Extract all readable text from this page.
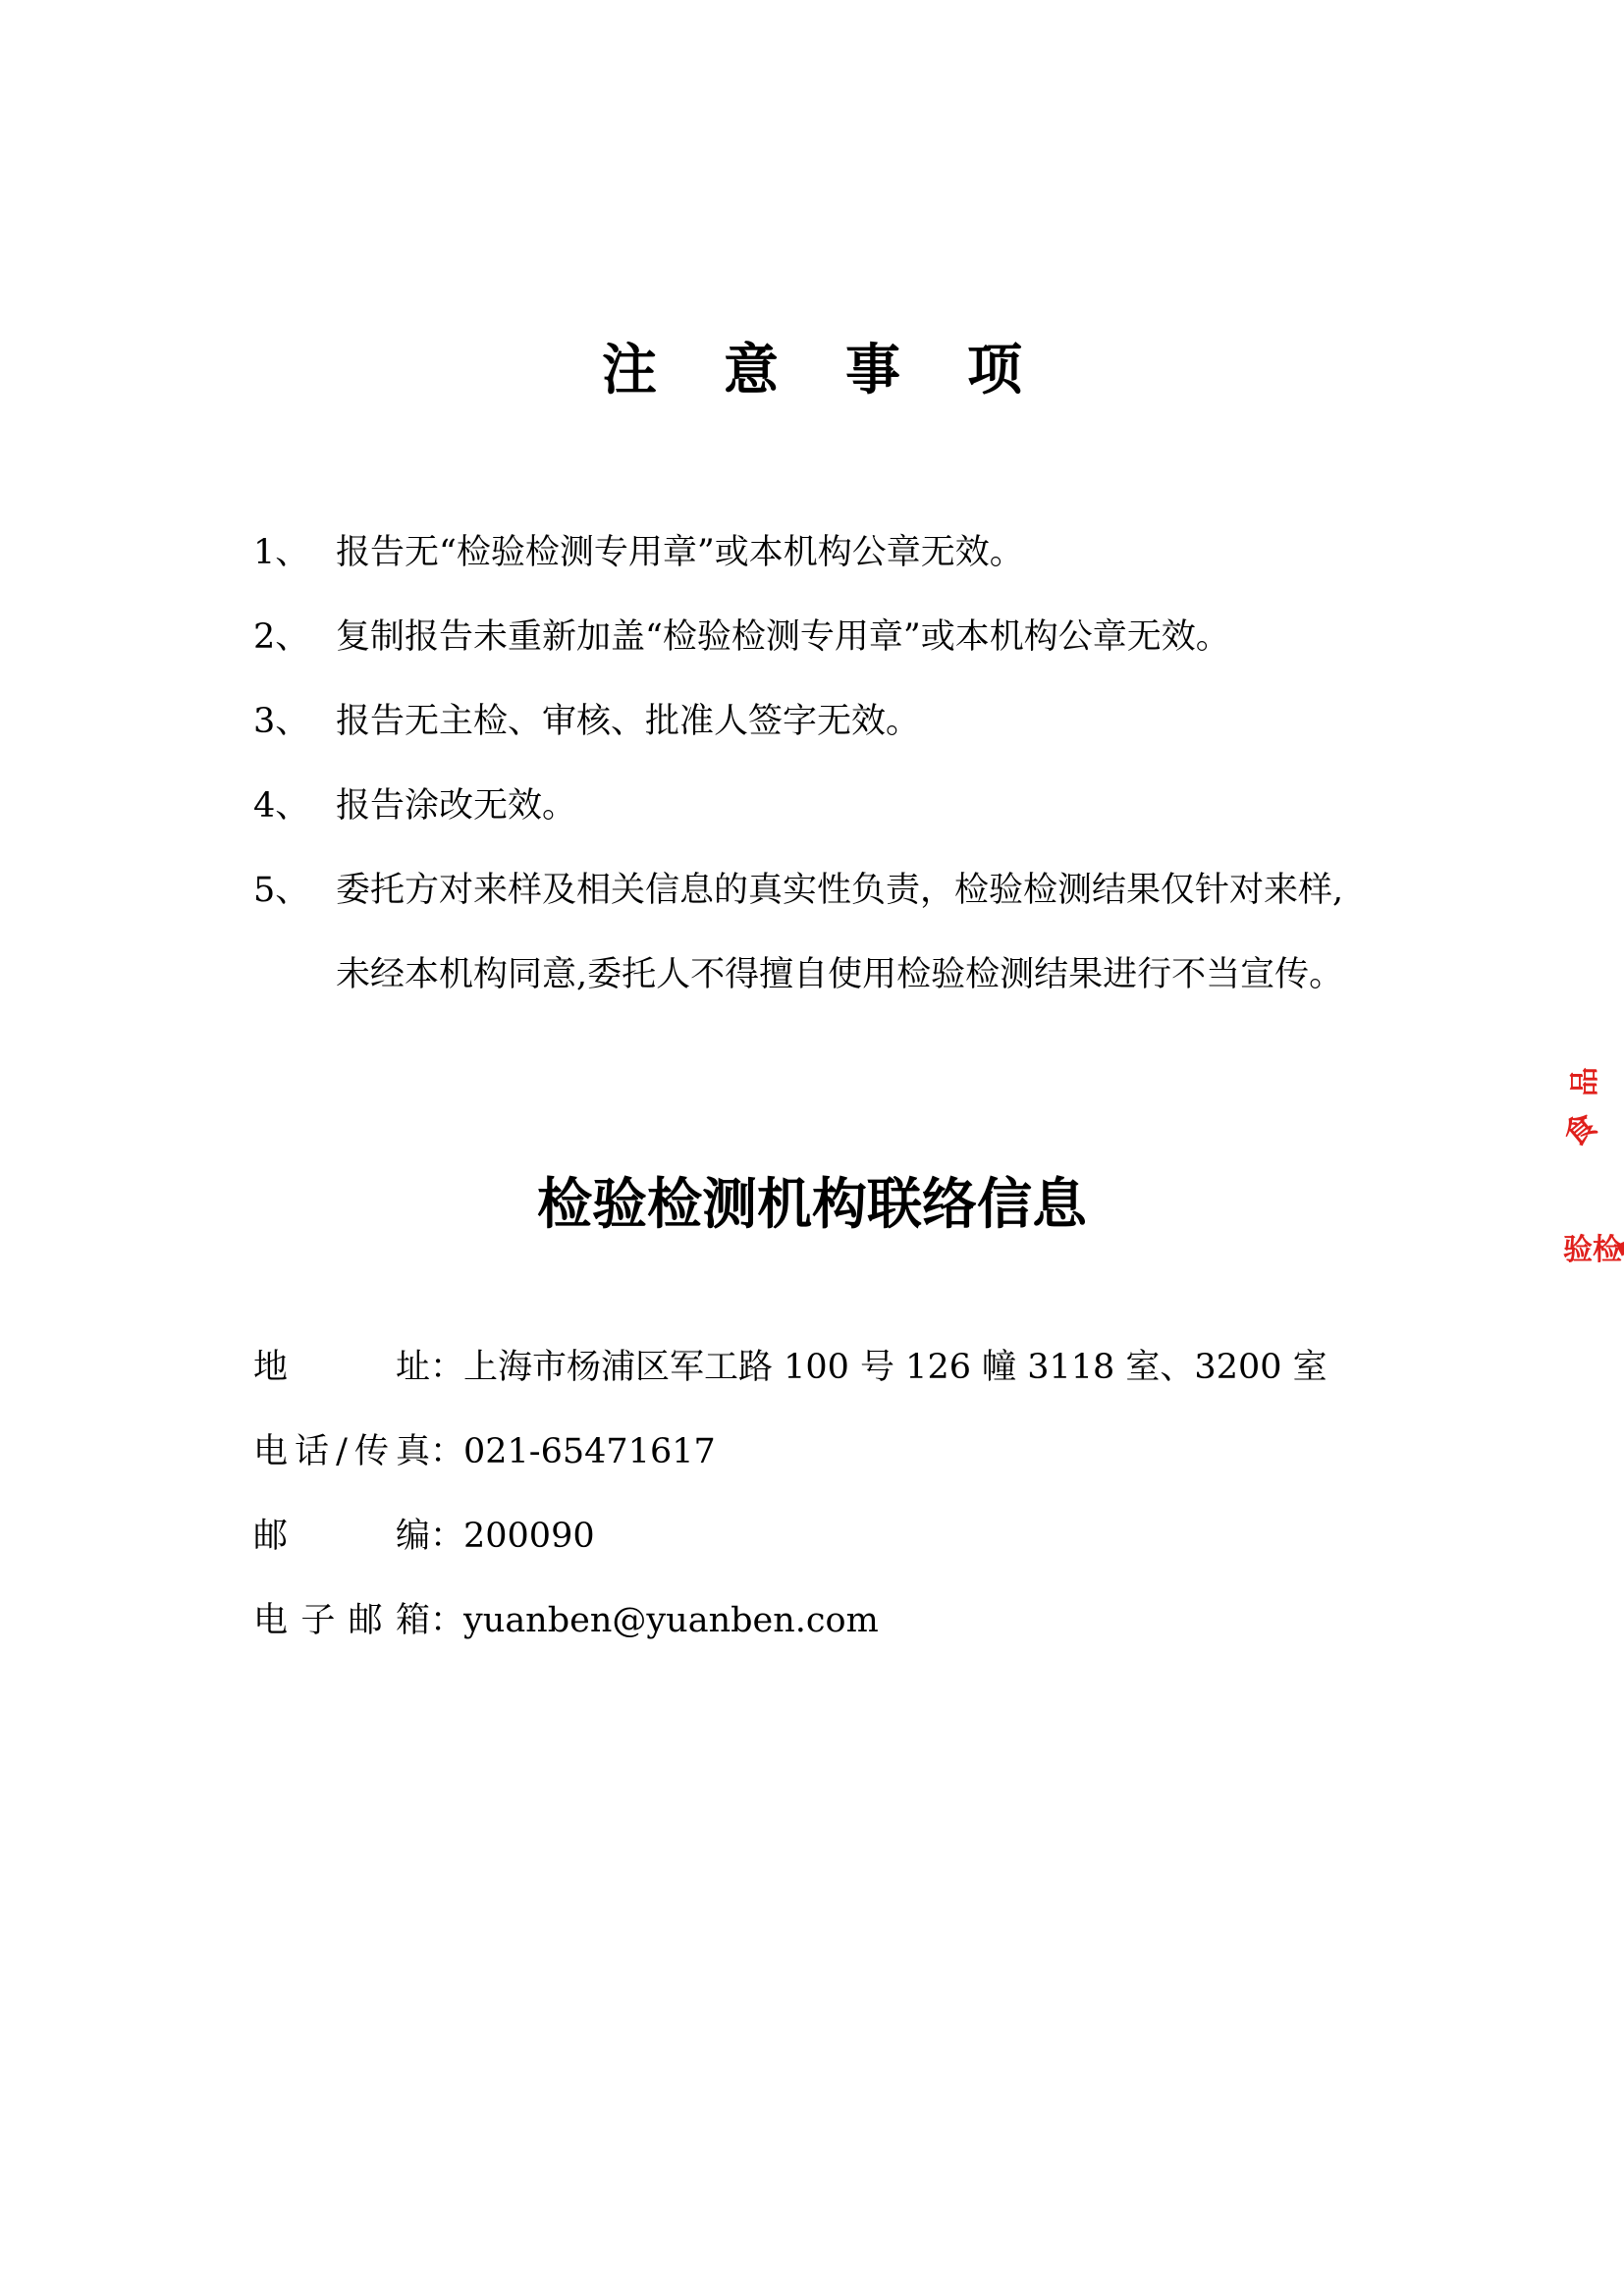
注意事项
1、 报告无“检验检测专用章”或本机构公章无效。
2、 复制报告未重新加盖“检验检测专用章”或本机构公章无效。
3、 报告无主检、审核、批准人签字无效。
4、 报告涂改无效。
5、 委托方对来样及相关信息的真实性负责，检验检测结果仅针对来样,
未经本机构同意,委托人不得擅自使用检验检测结果进行不当宣传。
检验检测机构联络信息
地址 ：
上海市杨浦区军工路 100 号 126 幢 3118 室、3200 室
电话/传真 ：
021-65471617
邮编 ：
200090
电子邮箱 ：
yuanben@yuanben.com
品
食
验检
